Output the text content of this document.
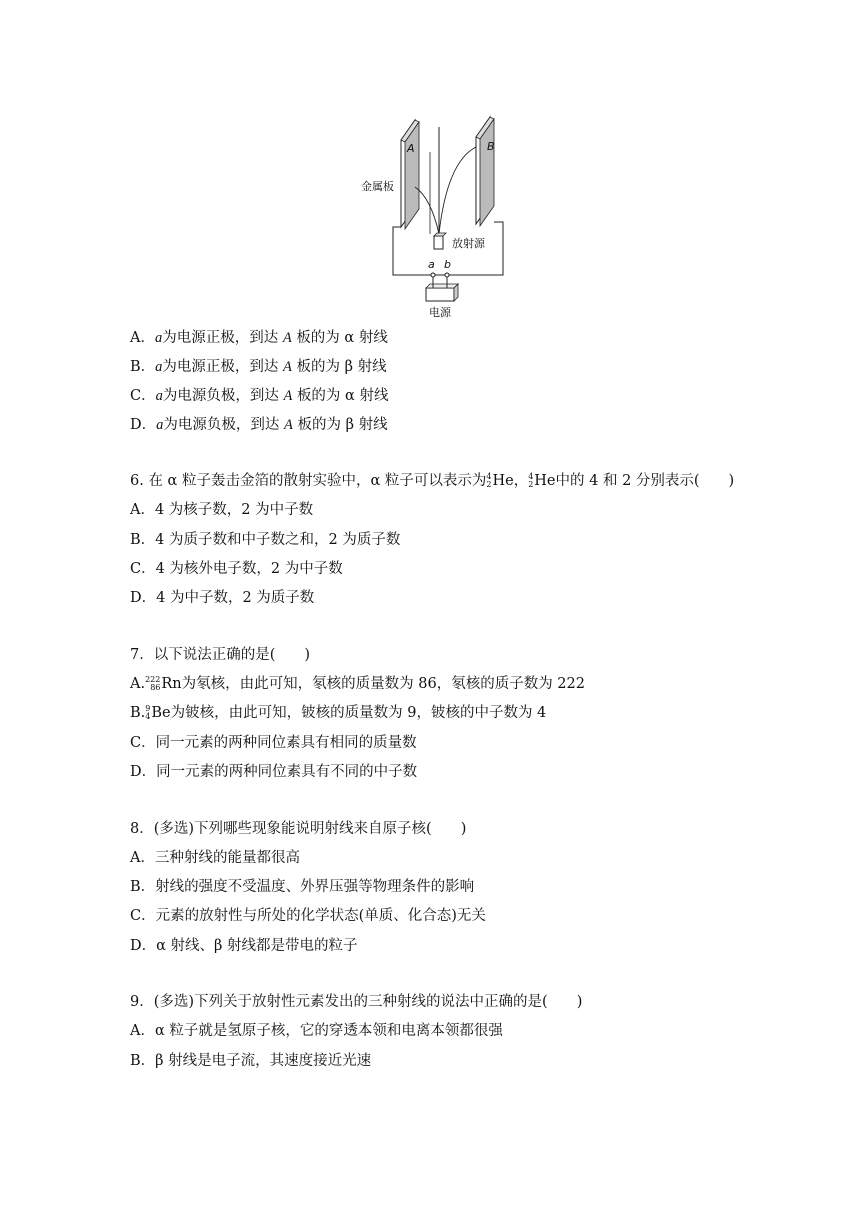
A	B
金属板
放射源
a b
电源
A．a为电源正极，到达 A 板的为 α 射线
B．a为电源正极，到达 A 板的为 β 射线
C．a为电源负极，到达 A 板的为 α 射线
D．a为电源负极，到达 A 板的为 β 射线
6. 在 α 粒子轰击金箔的散射实验中，α 粒子可以表示为 4
2 He， 4
2 He中的 4 和 2 分别表示(　　)
A．4 为核子数，2 为中子数
B．4 为质子数和中子数之和，2 为质子数
C．4 为核外电子数，2 为中子数
D．4 为中子数，2 为质子数
7．以下说法正确的是(　　)
A. 222
86 Rn为氡核，由此可知，氡核的质量数为 86，氡核的质子数为 222
B. 9
4 Be为铍核，由此可知，铍核的质量数为 9，铍核的中子数为 4
C．同一元素的两种同位素具有相同的质量数
D．同一元素的两种同位素具有不同的中子数
8．(多选)下列哪些现象能说明射线来自原子核(　　)
A．三种射线的能量都很高
B．射线的强度不受温度、外界压强等物理条件的影响
C．元素的放射性与所处的化学状态(单质、化合态)无关
D．α 射线、β 射线都是带电的粒子
9．(多选)下列关于放射性元素发出的三种射线的说法中正确的是(　　)
A．α 粒子就是氢原子核，它的穿透本领和电离本领都很强
B．β 射线是电子流，其速度接近光速
